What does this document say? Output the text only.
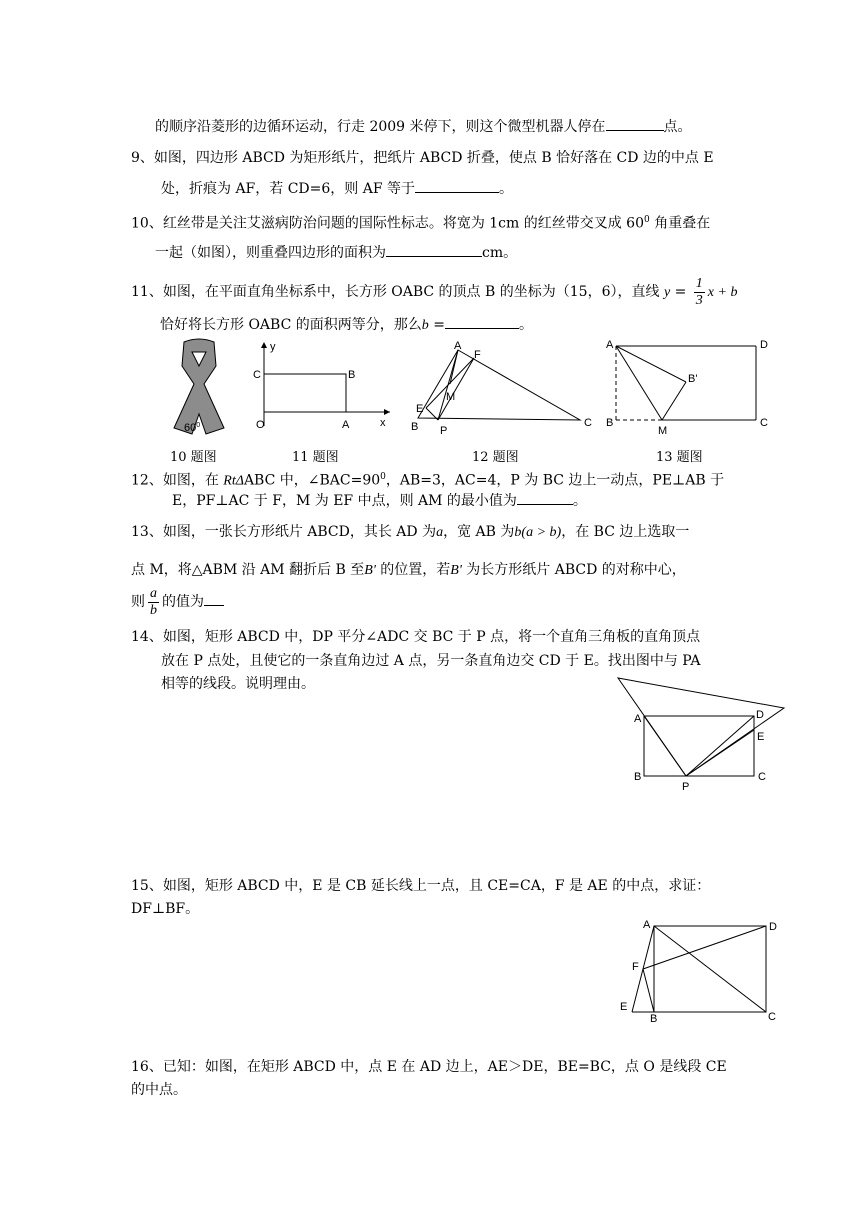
的顺序沿菱形的边循环运动，行走 2009 米停下，则这个微型机器人停在	点。
9、如图，四边形 ABCD 为矩形纸片，把纸片 ABCD 折叠，使点 B 恰好落在 CD 边的中点 E
处，折痕为 AF，若 CD=6，则 AF 等于	。
10、红丝带是关注艾滋病防治问题的国际性标志。将宽为 1cm 的红丝带交叉成 $60^0$ 角重叠在
一起（如图），则重叠四边形的面积为	cm。
11、如图，在平面直角坐标系中，长方形 OABC 的顶点 B 的坐标为（15，6），直线 $y = \frac{1}{3}$ x + b
恰好将长方形 OABC 的面积两等分，那么b =	。
$60^0$
y
x
C	B
O	A
A
F
M
E
B P
C
A	D
B'
B
M
C
10 题图	11 题图	12 题图	13 题图
12、如图，在 RtΔABC 中，$\angle BAC=90^0$，AB=3，AC=4，P 为 BC 边上一动点，PE⊥AB 于
E，PF⊥AC 于 F，M 为 EF 中点，则 AM 的最小值为	。
13、如图，一张长方形纸片 ABCD，其长 AD 为a，宽 AB 为b(a > b)，在 BC 边上选取一
点 M，将△ABM 沿 AM 翻折后 B 至B' 的位置，若B' 为长方形纸片 ABCD 的对称中心，
则 $\frac{a}{b}$ 的值为
14、如图，矩形 ABCD 中，DP 平分∠ADC 交 BC 于 P 点，将一个直角三角板的直角顶点
放在 P 点处，且使它的一条直角边过 A 点，另一条直角边交 CD 于 E。找出图中与 PA
相等的线段。说明理由。
A	D
E
B
P
C
15、如图，矩形 ABCD 中，E 是 CB 延长线上一点，且 CE=CA，F 是 AE 的中点，求证：
DF⊥BF。
A	D
F
E
B	C
16、已知：如图，在矩形 ABCD 中，点 E 在 AD 边上，AE＞DE，BE=BC，点 O 是线段 CE
的中点。
